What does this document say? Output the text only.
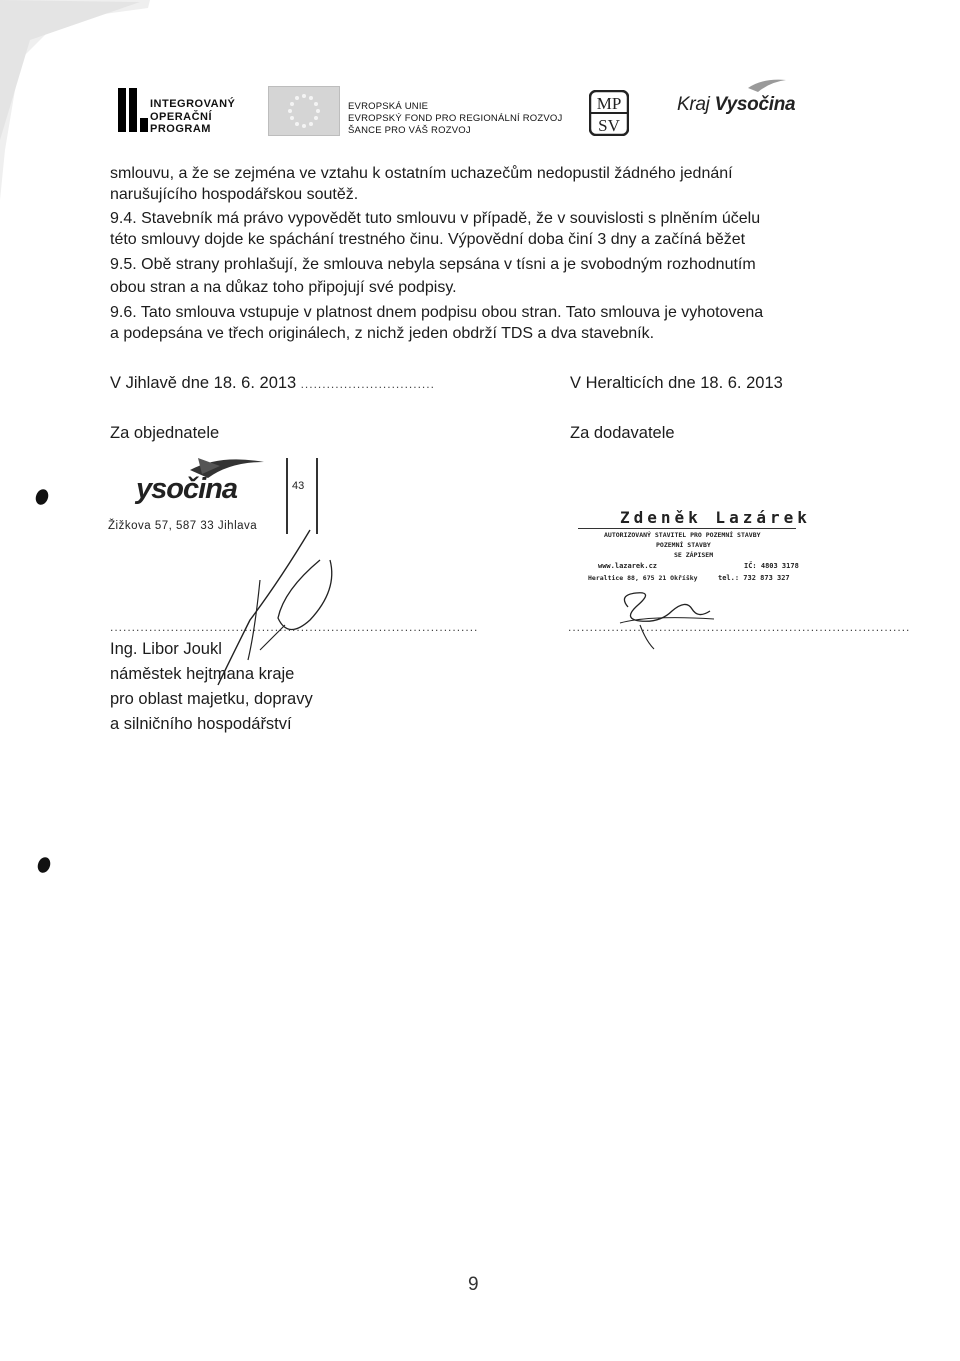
INTEGROVANÝ
OPERAČNÍ
PROGRAM
EVROPSKÁ UNIE
EVROPSKÝ FOND PRO REGIONÁLNÍ ROZVOJ
ŠANCE PRO VÁŠ ROZVOJ
MP
SV
Kraj Vysočina
smlouvu, a že se zejména ve vztahu k ostatním uchazečům nedopustil žádného jednání
narušujícího hospodářskou soutěž.
9.4. Stavebník má právo vypovědět tuto smlouvu v případě, že v souvislosti s plněním účelu
této smlouvy dojde ke spáchání trestného činu. Výpovědní doba činí 3 dny a začíná běžet
9.5. Obě strany prohlašují, že smlouva nebyla sepsána v tísni a je svobodným rozhodnutím
obou stran a na důkaz toho připojují své podpisy.
9.6. Tato smlouva vstupuje v platnost dnem podpisu obou stran. Tato smlouva je vyhotovena
a podepsána ve třech originálech, z nichž jeden obdrží TDS a dva stavebník.
V Jihlavě dne 18. 6. 2013 ...............................	V Heralticích dne 18. 6. 2013
Za objednatele	Za dodavatele
ysočina
Žižkova 57, 587 33 Jihlava
43
.....................................................................................	...............................................................................
Ing. Libor Joukl
náměstek hejtmana kraje
pro oblast majetku, dopravy
a silničního hospodářství
Zdeněk Lazárek
AUTORIZOVANÝ STAVITEL PRO POZEMNÍ STAVBY
POZEMNÍ STAVBY
SE ZÁPISEM
www.lazarek.cz	IČ: 4803 3178
Heraltice 88, 675 21 Okříšky	tel.: 732 873 327
9
